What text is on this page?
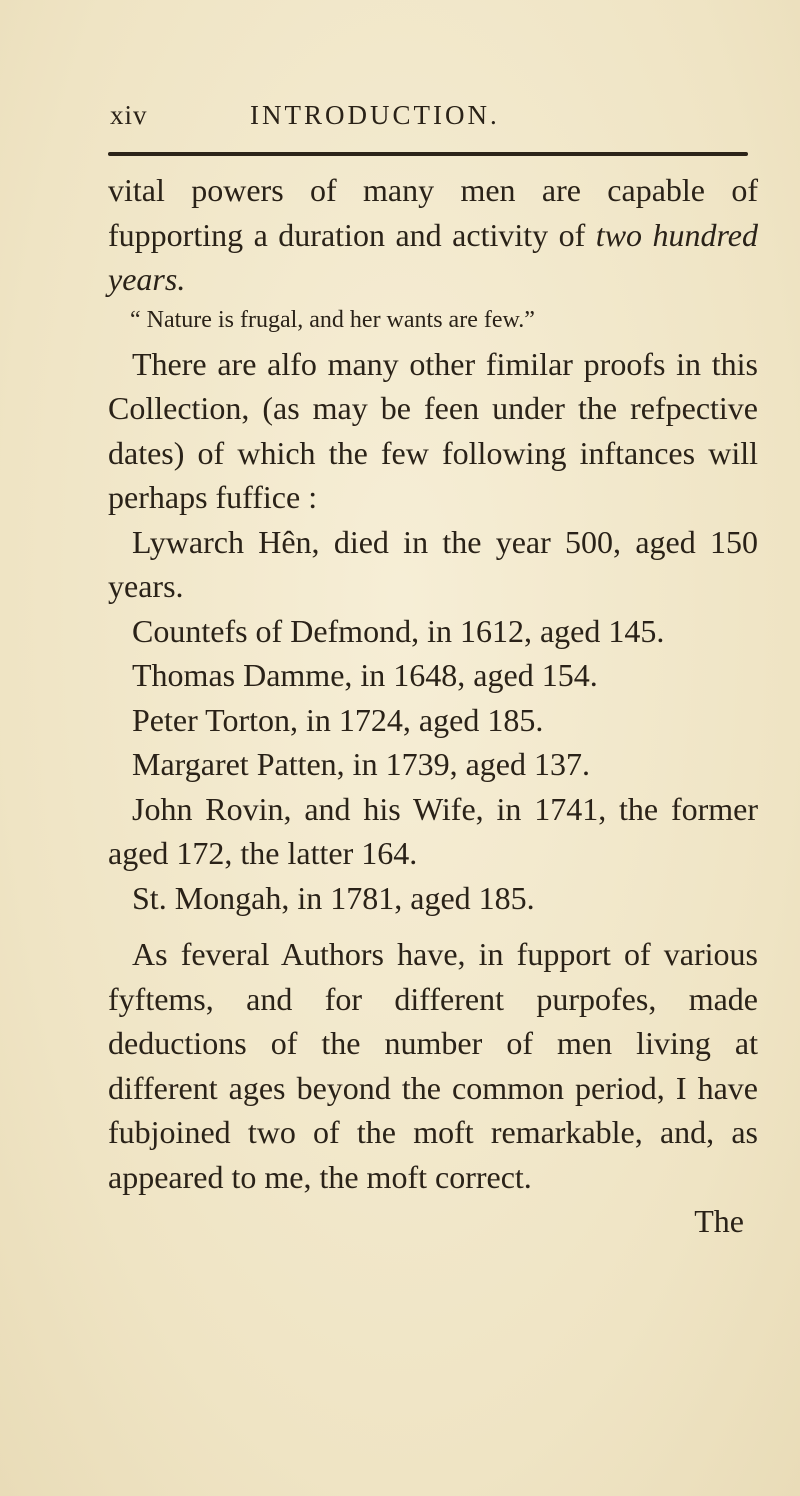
xiv	INTRODUCTION.

vital powers of many men are capable of fupporting a duration and activity of two hundred years.

“ Nature is frugal, and her wants are few.”

There are alfo many other fimilar proofs in this Collection, (as may be feen under the refpective dates) of which the few following inftances will perhaps fuffice :

Lywarch Hên, died in the year 500, aged 150 years.

Countefs of Defmond, in 1612, aged 145.

Thomas Damme, in 1648, aged 154.

Peter Torton, in 1724, aged 185.

Margaret Patten, in 1739, aged 137.

John Rovin, and his Wife, in 1741, the former aged 172, the latter 164.

St. Mongah, in 1781, aged 185.

As feveral Authors have, in fupport of various fyftems, and for different purpofes, made deductions of the number of men living at different ages beyond the common period, I have fubjoined two of the moft remarkable, and, as appeared to me, the moft correct.

The
